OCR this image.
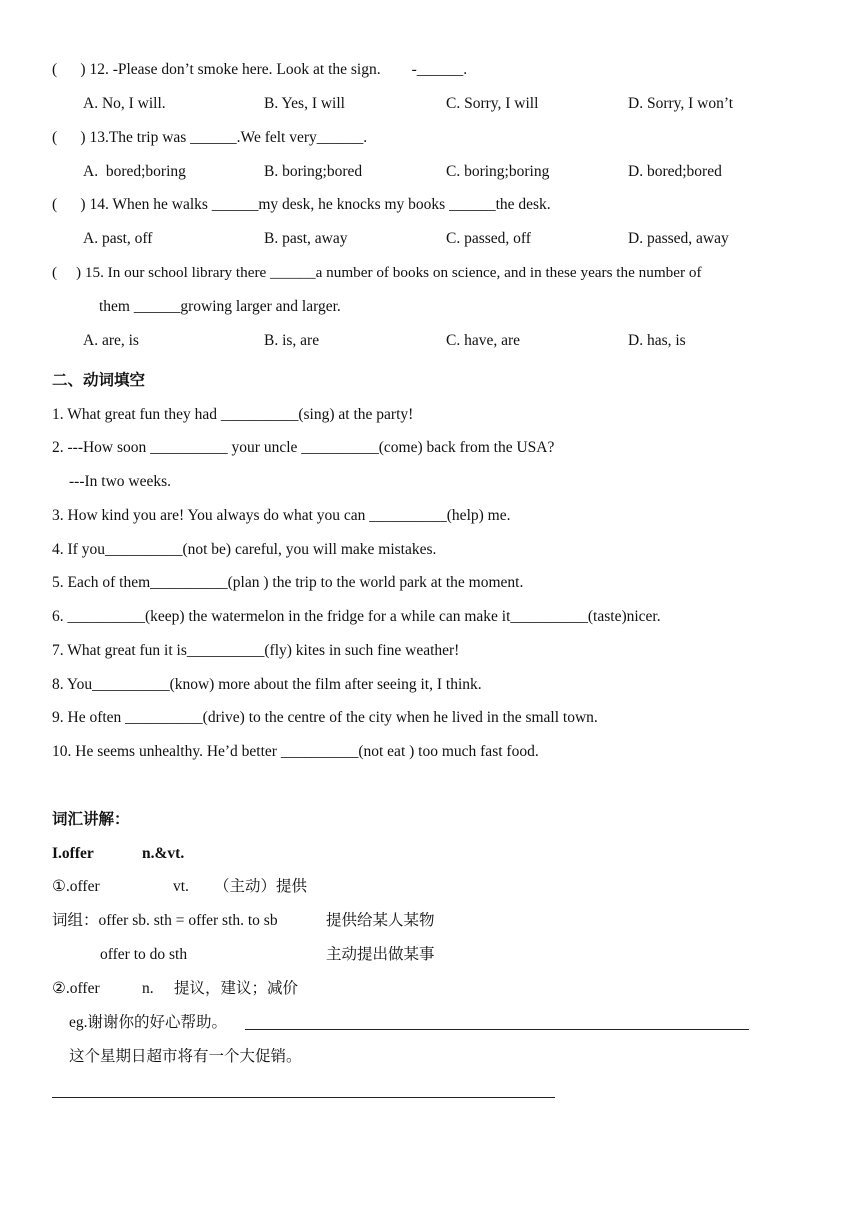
(      ) 12. -Please don’t smoke here. Look at the sign.        -______.
A. No, I will.	B. Yes, I will	C. Sorry, I will	D. Sorry, I won’t
(      ) 13.The trip was ______.We felt very______.
A.  bored;boring	B. boring;bored	C. boring;boring	D. bored;bored
(      ) 14. When he walks ______my desk, he knocks my books ______the desk.
A. past, off	B. past, away	C. passed, off	D. passed, away
(     ) 15. In our school library there ______a number of books on science, and in these years the number of
them ______growing larger and larger.
A. are, is	B. is, are	C. have, are	D. has, is
二、动词填空
1. What great fun they had __________(sing) at the party!
2. ---How soon __________ your uncle __________(come) back from the USA?
---In two weeks.
3. How kind you are! You always do what you can __________(help) me.
4. If you__________(not be) careful, you will make mistakes.
5. Each of them__________(plan ) the trip to the world park at the moment.
6. __________(keep) the watermelon in the fridge for a while can make it__________(taste)nicer.
7. What great fun it is__________(fly) kites in such fine weather!
8. You__________(know) more about the film after seeing it, I think.
9. He often __________(drive) to the centre of the city when he lived in the small town.
10. He seems unhealthy. He’d better __________(not eat ) too much fast food.
词汇讲解：
I.offer	n.&vt.
①.offer	vt. （主动）提供
词组：offer sb. sth = offer sth. to sb	提供给某人某物
offer to do sth	主动提出做某事
②.offer	n. 提议，建议；减价
eg.谢谢你的好心帮助。
这个星期日超市将有一个大促销。
